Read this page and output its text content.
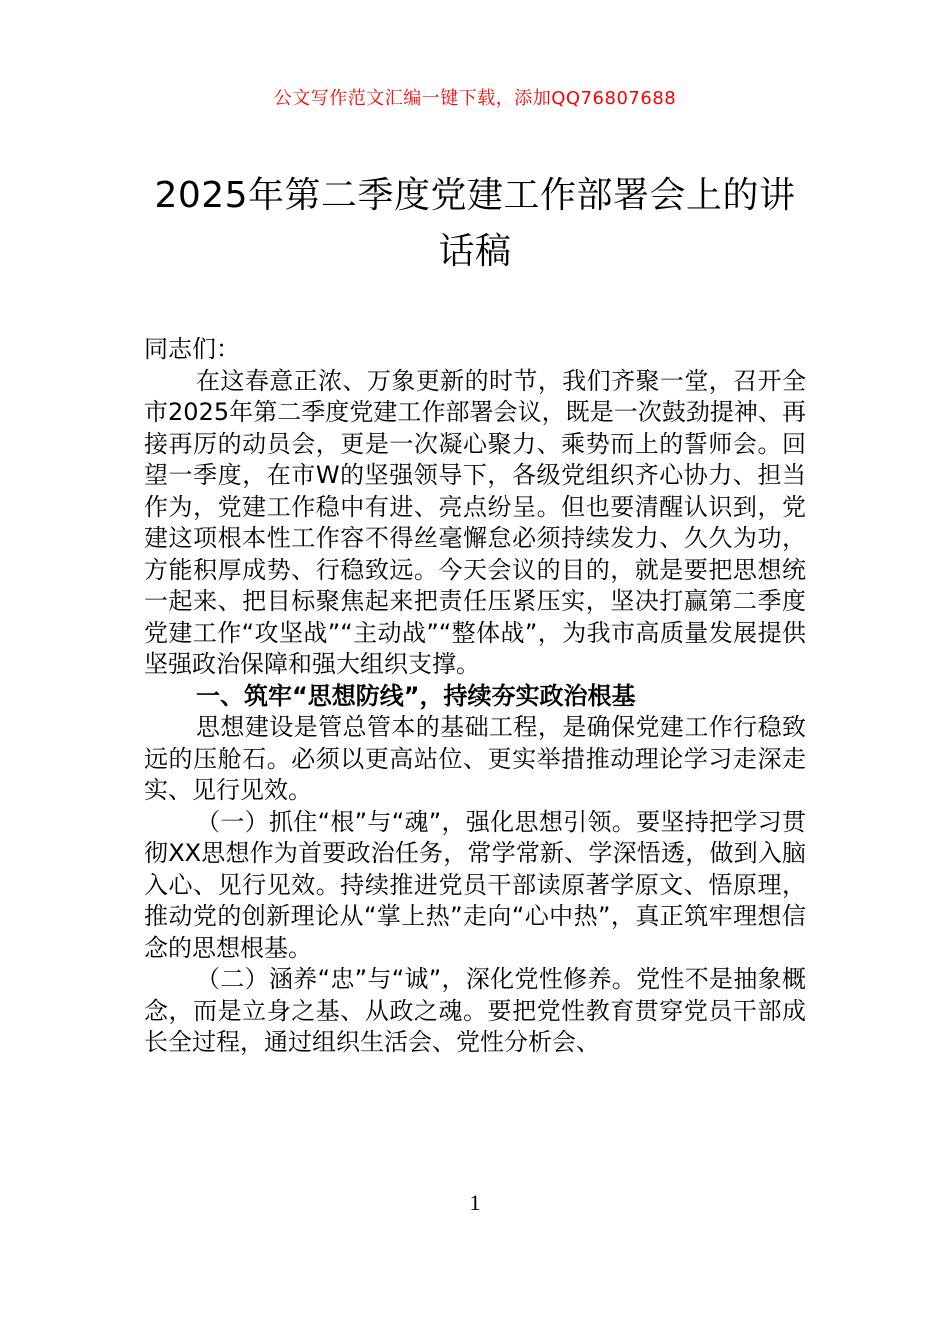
公文写作范文汇编一键下载，添加QQ76807688
2025年第二季度党建工作部署会上的讲话稿

同志们：

在这春意正浓、万象更新的时节，我们齐聚一堂，召开全市2025年第二季度党建工作部署会议，既是一次鼓劲提神、再接再厉的动员会，更是一次凝心聚力、乘势而上的誓师会。回望一季度，在市W的坚强领导下，各级党组织齐心协力、担当作为，党建工作稳中有进、亮点纷呈。但也要清醒认识到，党建这项根本性工作容不得丝毫懈怠必须持续发力、久久为功，方能积厚成势、行稳致远。今天会议的目的，就是要把思想统一起来、把目标聚焦起来把责任压紧压实，坚决打赢第二季度党建工作“攻坚战”“主动战”“整体战”，为我市高质量发展提供坚强政治保障和强大组织支撑。

一、筑牢“思想防线”，持续夯实政治根基

思想建设是管总管本的基础工程，是确保党建工作行稳致远的压舱石。必须以更高站位、更实举措推动理论学习走深走实、见行见效。

（一）抓住“根”与“魂”，强化思想引领。要坚持把学习贯彻XX思想作为首要政治任务，常学常新、学深悟透，做到入脑入心、见行见效。持续推进党员干部读原著学原文、悟原理，推动党的创新理论从“掌上热”走向“心中热”，真正筑牢理想信念的思想根基。

（二）涵养“忠”与“诚”，深化党性修养。党性不是抽象概念，而是立身之基、从政之魂。要把党性教育贯穿党员干部成长全过程，通过组织生活会、党性分析会、

1
